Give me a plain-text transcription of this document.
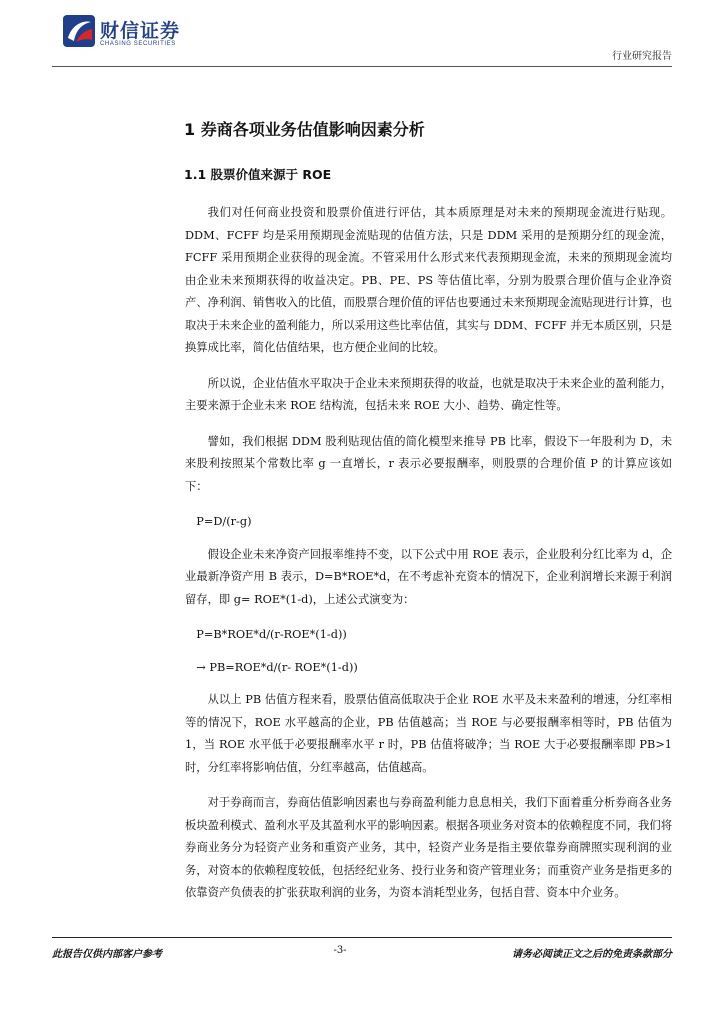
财信证券
CHASING SECURITIES
行业研究报告
1 券商各项业务估值影响因素分析
1.1 股票价值来源于 ROE

我们对任何商业投资和股票价值进行评估，其本质原理是对未来的预期现金流进行贴现。DDM、FCFF 均是采用预期现金流贴现的估值方法，只是 DDM 采用的是预期分红的现金流，FCFF 采用预期企业获得的现金流。不管采用什么形式来代表预期现金流，未来的预期现金流均由企业未来预期获得的收益决定。PB、PE、PS 等估值比率，分别为股票合理价值与企业净资产、净利润、销售收入的比值，而股票合理价值的评估也要通过未来预期现金流贴现进行计算，也取决于未来企业的盈利能力，所以采用这些比率估值，其实与 DDM、FCFF 并无本质区别，只是换算成比率，简化估值结果，也方便企业间的比较。

所以说，企业估值水平取决于企业未来预期获得的收益，也就是取决于未来企业的盈利能力，主要来源于企业未来 ROE 结构流，包括未来 ROE 大小、趋势、确定性等。

譬如，我们根据 DDM 股利贴现估值的简化模型来推导 PB 比率，假设下一年股利为 D，未来股利按照某个常数比率 g 一直增长，r 表示必要报酬率，则股票的合理价值 P 的计算应该如下：

P=D/(r-g)

假设企业未来净资产回报率维持不变，以下公式中用 ROE 表示，企业股利分红比率为 d，企业最新净资产用 B 表示，D=B*ROE*d，在不考虑补充资本的情况下，企业利润增长来源于利润留存，即 g= ROE*(1-d)，上述公式演变为：

P=B*ROE*d/(r-ROE*(1-d))

→ PB=ROE*d/(r- ROE*(1-d))

从以上 PB 估值方程来看，股票估值高低取决于企业 ROE 水平及未来盈利的增速，分红率相等的情况下，ROE 水平越高的企业，PB 估值越高；当 ROE 与必要报酬率相等时，PB 估值为 1，当 ROE 水平低于必要报酬率水平 r 时，PB 估值将破净；当 ROE 大于必要报酬率即 PB>1 时，分红率将影响估值，分红率越高，估值越高。

对于券商而言，券商估值影响因素也与券商盈利能力息息相关，我们下面着重分析券商各业务板块盈利模式、盈利水平及其盈利水平的影响因素。根据各项业务对资本的依赖程度不同，我们将券商业务分为轻资产业务和重资产业务，其中，轻资产业务是指主要依靠券商牌照实现利润的业务，对资本的依赖程度较低，包括经纪业务、投行业务和资产管理业务；而重资产业务是指更多的依靠资产负债表的扩张获取利润的业务，为资本消耗型业务，包括自营、资本中介业务。

此报告仅供内部客户参考	-3-	请务必阅读正文之后的免责条款部分
